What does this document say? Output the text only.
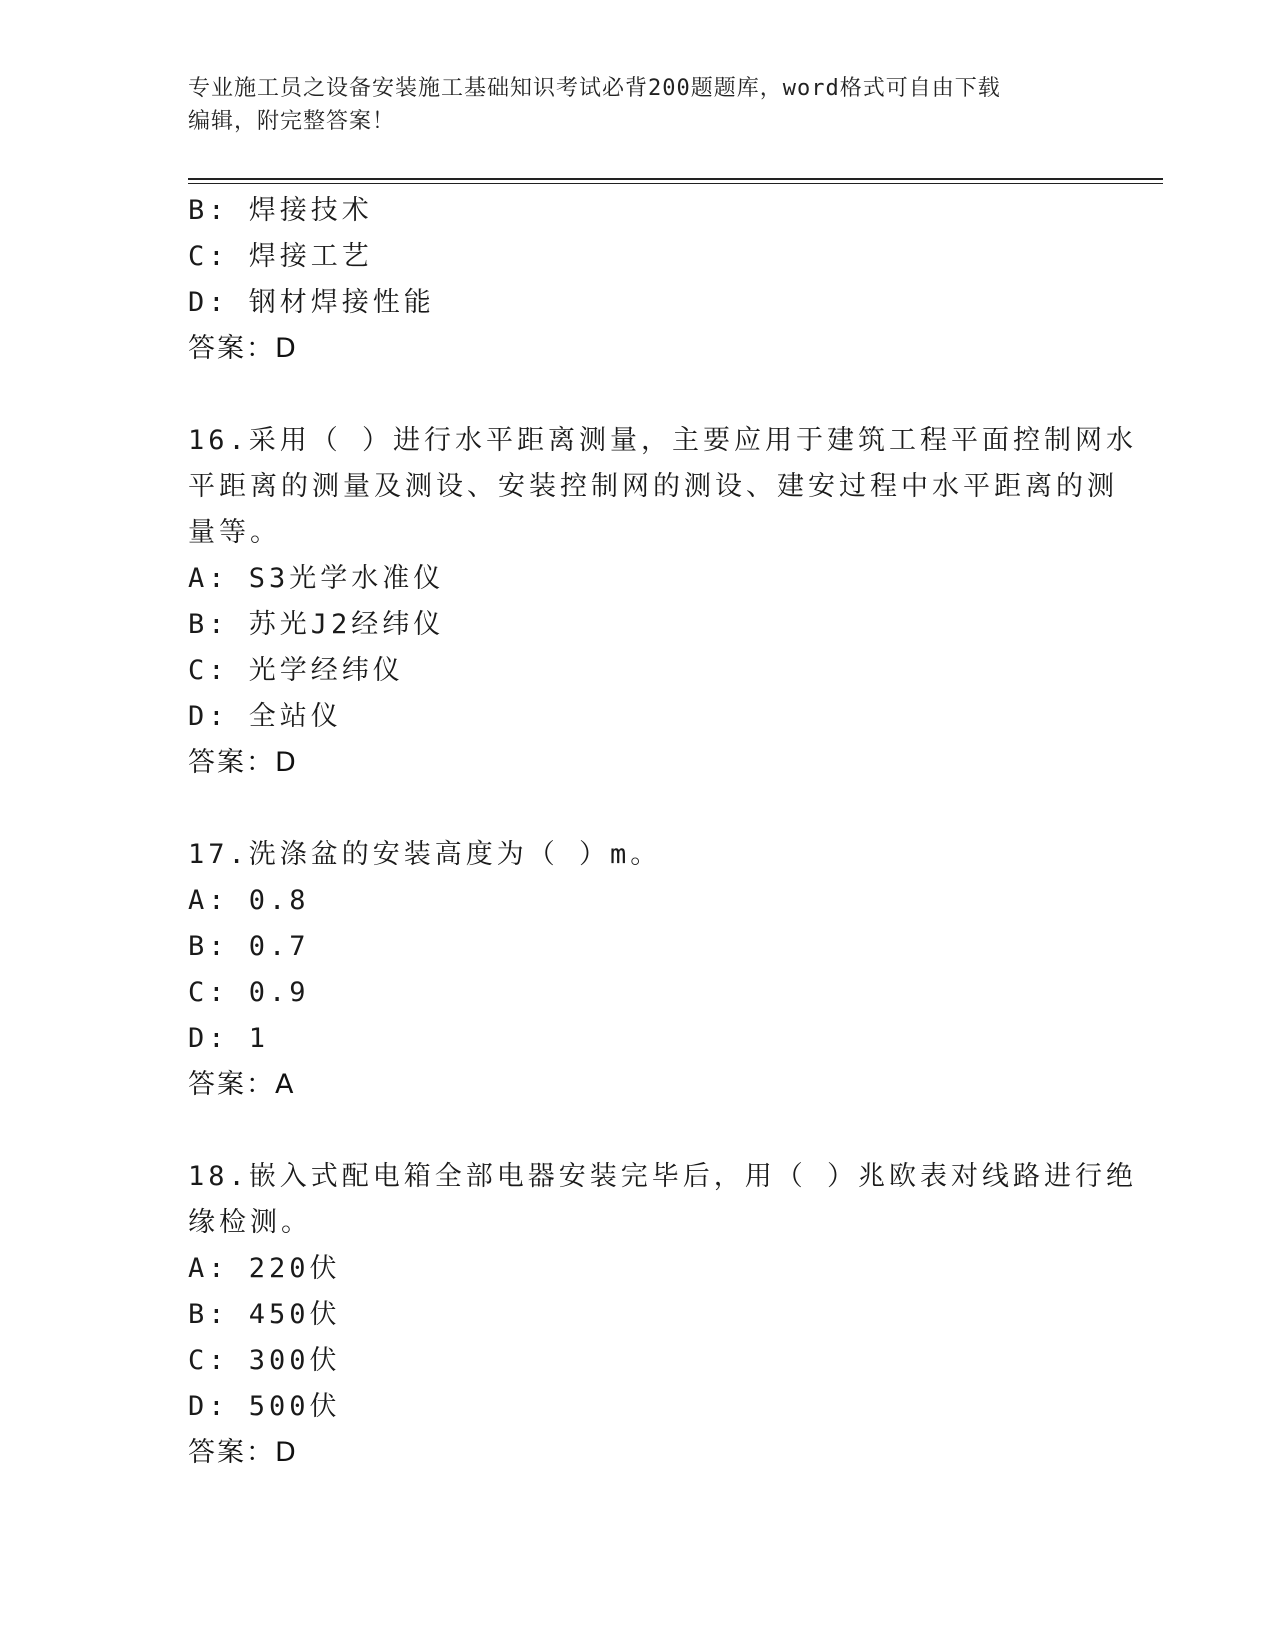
专业施工员之设备安装施工基础知识考试必背200题题库，word格式可自由下载
编辑，附完整答案！
B: 焊接技术
C: 焊接工艺
D: 钢材焊接性能
答案：D
16.采用（ ）进行水平距离测量，主要应用于建筑工程平面控制网水
平距离的测量及测设、安装控制网的测设、建安过程中水平距离的测
量等。
A: S3光学水准仪
B: 苏光J2经纬仪
C: 光学经纬仪
D: 全站仪
答案：D
17.洗涤盆的安装高度为（ ）m。
A: 0.8
B: 0.7
C: 0.9
D: 1
答案：A
18.嵌入式配电箱全部电器安装完毕后，用（ ）兆欧表对线路进行绝
缘检测。
A: 220伏
B: 450伏
C: 300伏
D: 500伏
答案：D
